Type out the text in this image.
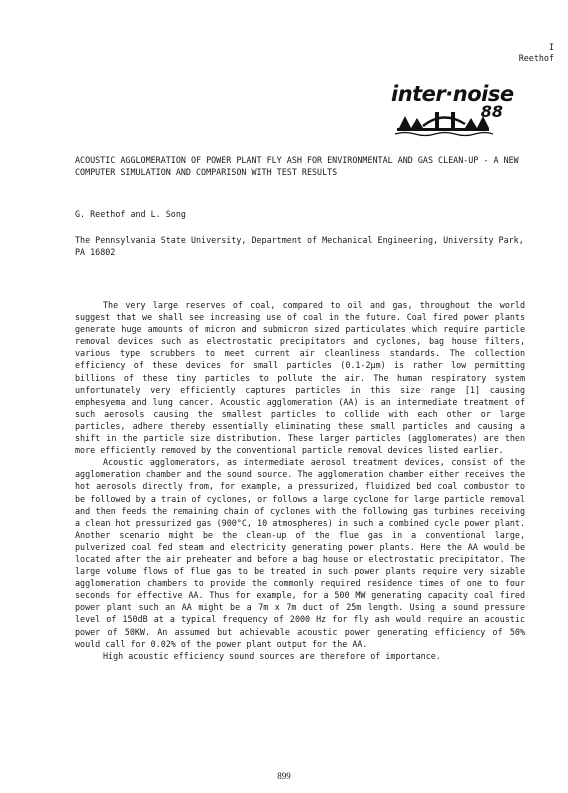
I
Reethof
inter·noise
88
ACOUSTIC AGGLOMERATION OF POWER PLANT FLY ASH FOR ENVIRONMENTAL AND GAS CLEAN-UP - A NEW COMPUTER SIMULATION AND COMPARISON WITH TEST RESULTS
G. Reethof and L. Song
The Pennsylvania State University, Department of Mechanical Engineering, University Park, PA 16802

The very large reserves of coal, compared to oil and gas, throughout the world suggest that we shall see increasing use of coal in the future. Coal fired power plants generate huge amounts of micron and submicron sized particulates which require particle removal devices such as electrostatic precipitators and cyclones, bag house filters, various type scrubbers to meet current air cleanliness standards. The collection efficiency of these devices for small particles (0.1-2µm) is rather low permitting billions of these tiny particles to pollute the air. The human respiratory system unfortunately very efficiently captures particles in this size range [1] causing emphesyema and lung cancer. Acoustic agglomeration (AA) is an intermediate treatment of such aerosols causing the smallest particles to collide with each other or large particles, adhere thereby essentially eliminating these small particles and causing a shift in the particle size distribution. These larger particles (agglomerates) are then more efficiently removed by the conventional particle removal devices listed earlier.

Acoustic agglomerators, as intermediate aerosol treatment devices, consist of the agglomeration chamber and the sound source. The agglomeration chamber either receives the hot aerosols directly from, for example, a pressurized, fluidized bed coal combustor to be followed by a train of cyclones, or follows a large cyclone for large particle removal and then feeds the remaining chain of cyclones with the following gas turbines receiving a clean hot pressurized gas (900°C, 10 atmospheres) in such a combined cycle power plant. Another scenario might be the clean-up of the flue gas in a conventional large, pulverized coal fed steam and electricity generating power plants. Here the AA would be located after the air preheater and before a bag house or electrostatic precipitator. The large volume flows of flue gas to be treated in such power plants require very sizable agglomeration chambers to provide the commonly required residence times of one to four seconds for effective AA. Thus for example, for a 500 MW generating capacity coal fired power plant such an AA might be a 7m x 7m duct of 25m length. Using a sound pressure level of 150dB at a typical frequency of 2000 Hz for fly ash would require an acoustic power of 50KW. An assumed but achievable acoustic power generating efficiency of 50% would call for 0.02% of the power plant output for the AA.

High acoustic efficiency sound sources are therefore of importance.

899
